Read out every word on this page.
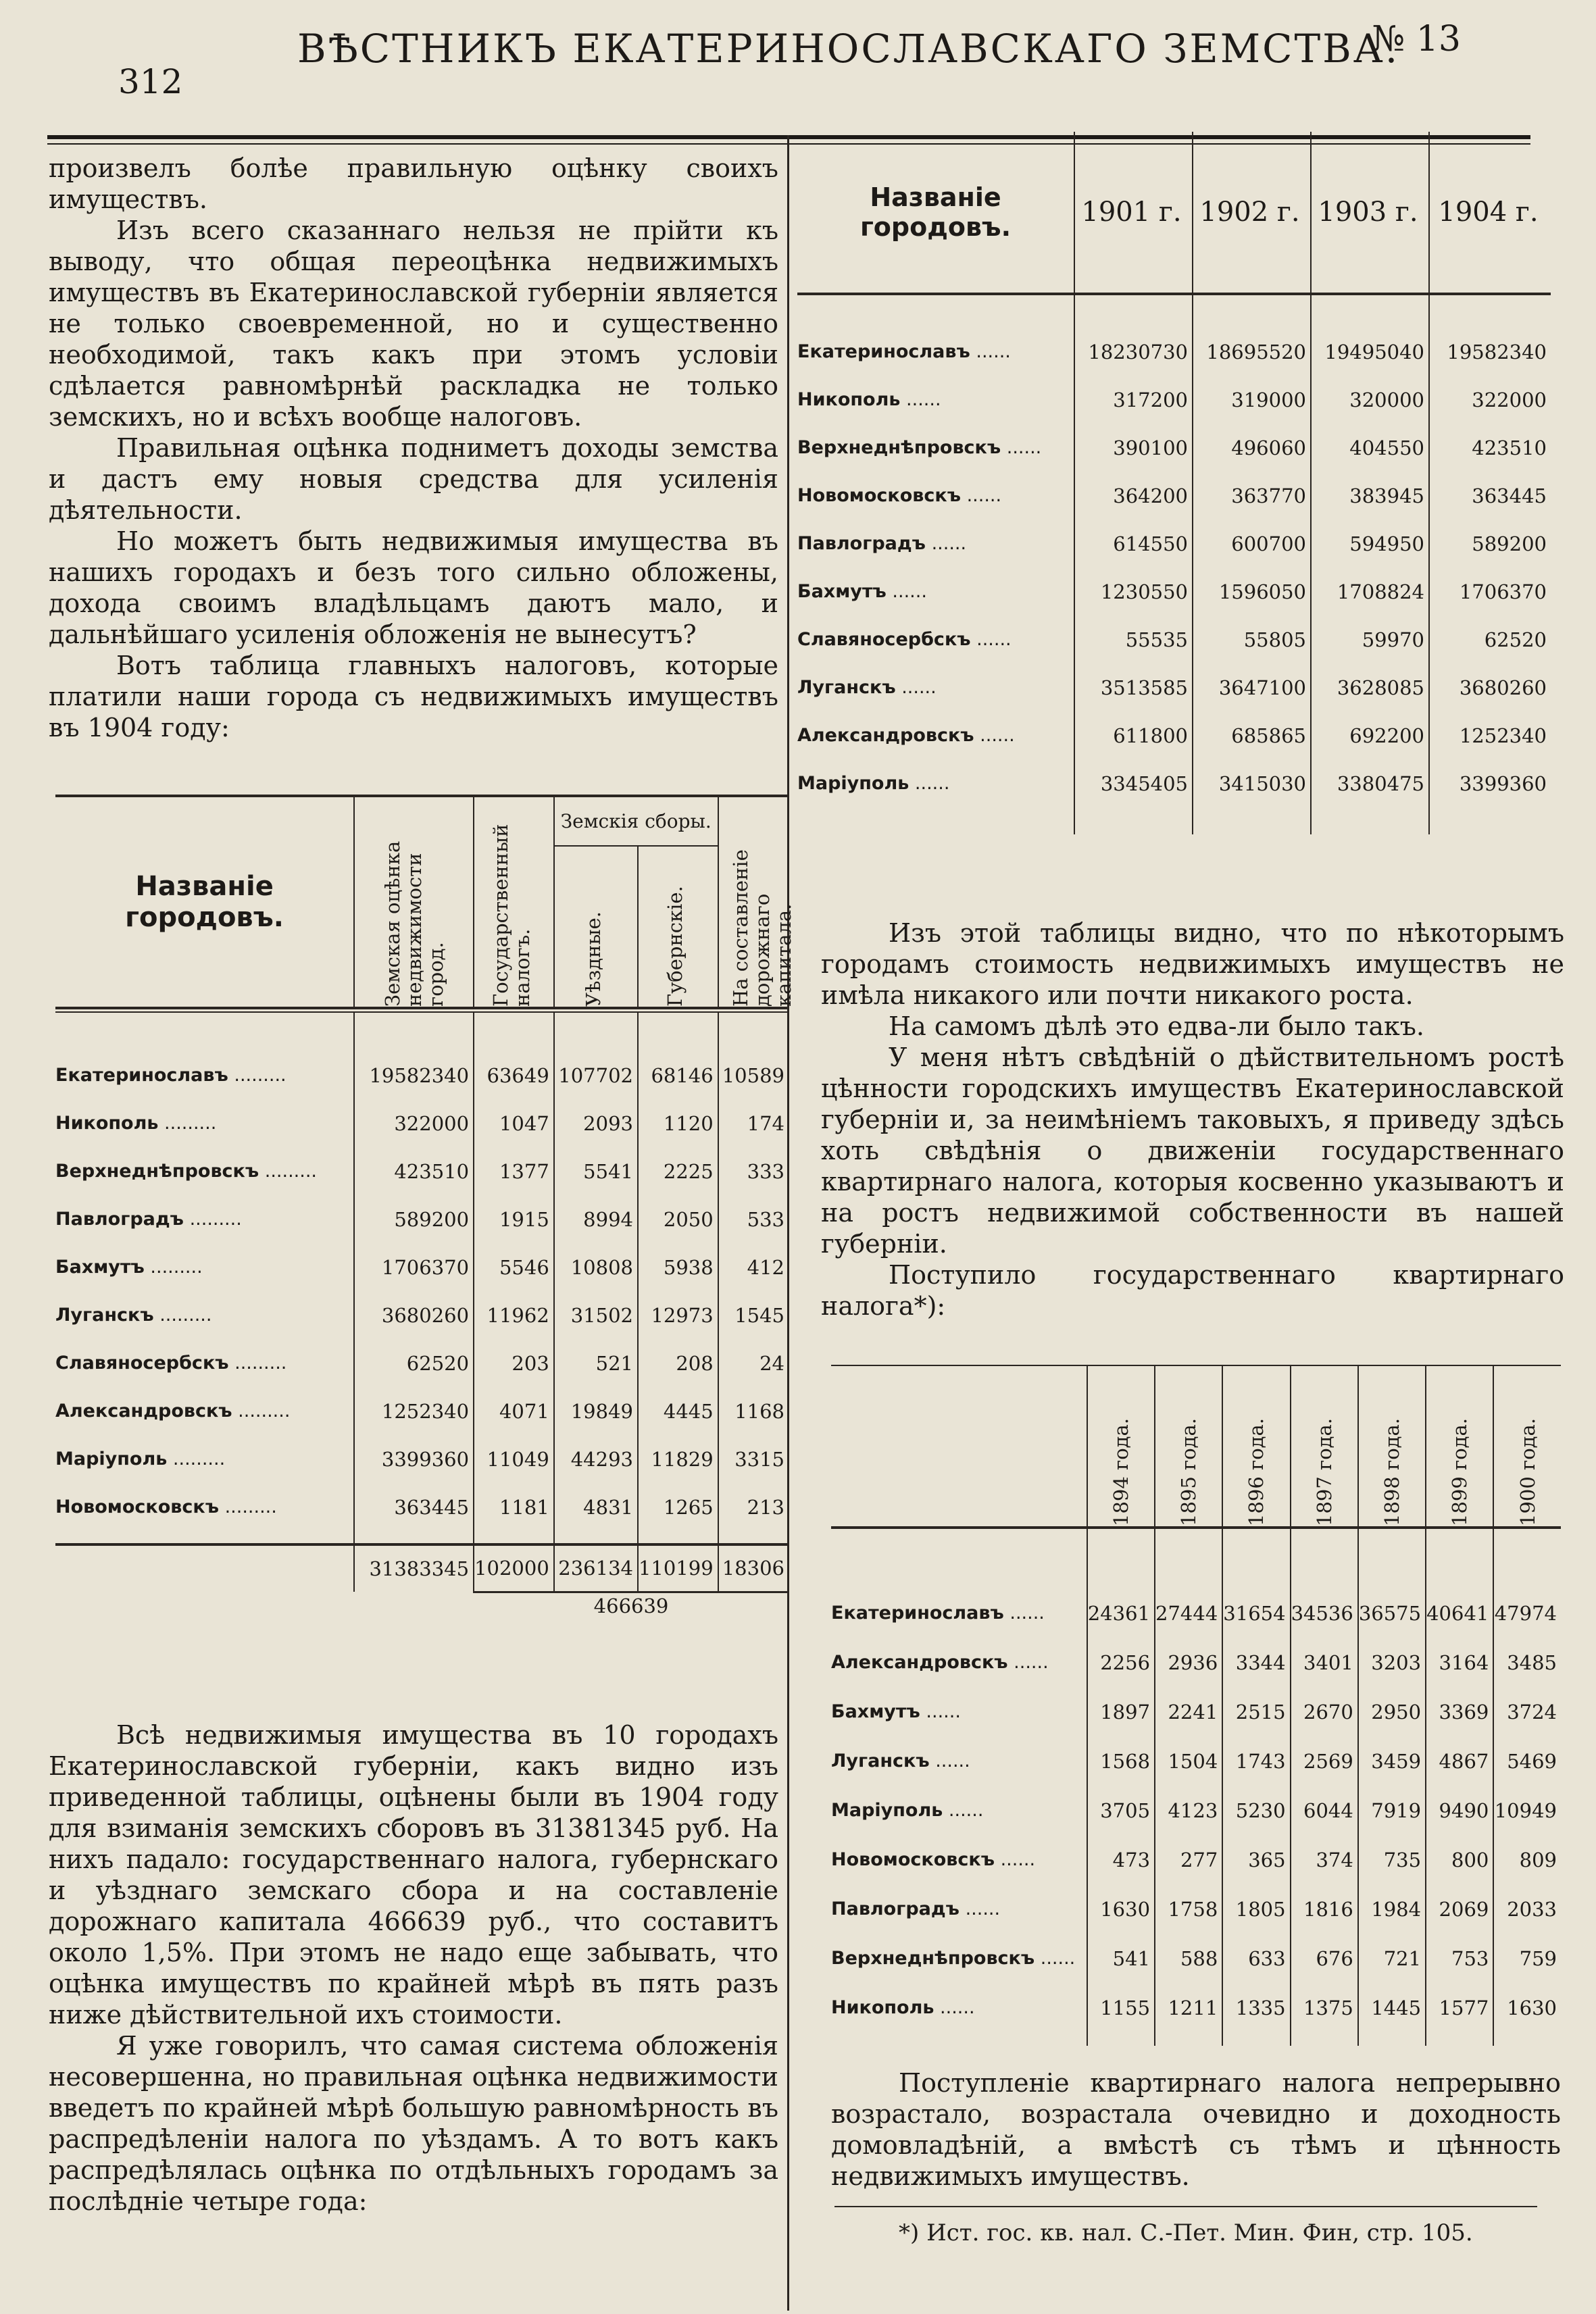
312
ВѢСТНИКЪ ЕКАТЕРИНОСЛАВСКАГО ЗЕМСТВА.
№ 13

произвелъ болѣе правильную оцѣнку своихъ имуществъ.

Изъ всего сказаннаго нельзя не прійти къ выводу, что общая переоцѣнка недвижимыхъ имуществъ въ Екатеринославской губерніи является не только своевременной, но и существенно необходимой, такъ какъ при этомъ условіи сдѣлается равномѣрнѣй раскладка не только земскихъ, но и всѣхъ вообще налоговъ.

Правильная оцѣнка подниметъ доходы земства и дастъ ему новыя средства для усиленія дѣятельности.

Но можетъ быть недвижимыя имущества въ нашихъ городахъ и безъ того сильно обложены, дохода своимъ владѣльцамъ даютъ мало, и дальнѣйшаго усиленія обложенія не вынесутъ?

Вотъ таблица главныхъ налоговъ, которые платили наши города съ недвижимыхъ имуществъ въ 1904 году:

Названіе городовъ.	Земская оцѣнка недвижимости город.	Государственный налогъ.	Земскія сборы.		На составленіе дорожнаго капитала.

			Уѣздные.	Губернскіе.	

Екатеринославъ .........	19582340	63649	107702	68146	10589
Никополь .........	322000	1047	2093	1120	174
Верхнеднѣпровскъ .........	423510	1377	5541	2225	333
Павлоградъ .........	589200	1915	8994	2050	533
Бахмутъ .........	1706370	5546	10808	5938	412
Луганскъ .........	3680260	11962	31502	12973	1545
Славяносербскъ .........	62520	203	521	208	24
Александровскъ .........	1252340	4071	19849	4445	1168
Маріуполь .........	3399360	11049	44293	11829	3315
Новомосковскъ .........	363445	1181	4831	1265	213

	31383345	102000	236134	110199	18306
		466639			

Всѣ недвижимыя имущества въ 10 городахъ Екатеринославской губерніи, какъ видно изъ приведенной таблицы, оцѣнены были въ 1904 году для взиманія земскихъ сборовъ въ 31381345 руб. На нихъ падало: государственнаго налога, губернскаго и уѣзднаго земскаго сбора и на составленіе дорожнаго капитала 466639 руб., что составитъ около 1,5%. При этомъ не надо еще забывать, что оцѣнка имуществъ по крайней мѣрѣ въ пять разъ ниже дѣйствительной ихъ стоимости.

Я уже говорилъ, что самая система обложенія несовершенна, но правильная оцѣнка недвижимости введетъ по крайней мѣрѣ большую равномѣрность въ распредѣленіи налога по уѣздамъ. А то вотъ какъ распредѣлялась оцѣнка по отдѣльныхъ городамъ за послѣдніе четыре года:

Названіе городовъ.	1901 г.	1902 г.	1903 г.	1904 г.

Екатеринославъ ......	18230730	18695520	19495040	19582340
Никополь ......	317200	319000	320000	322000
Верхнеднѣпровскъ ......	390100	496060	404550	423510
Новомосковскъ ......	364200	363770	383945	363445
Павлоградъ ......	614550	600700	594950	589200
Бахмутъ ......	1230550	1596050	1708824	1706370
Славяносербскъ ......	55535	55805	59970	62520
Луганскъ ......	3513585	3647100	3628085	3680260
Александровскъ ......	611800	685865	692200	1252340
Маріуполь ......	3345405	3415030	3380475	3399360

Изъ этой таблицы видно, что по нѣкоторымъ городамъ стоимость недвижимыхъ имуществъ не имѣла никакого или почти никакого роста.

На самомъ дѣлѣ это едва-ли было такъ.

У меня нѣтъ свѣдѣній о дѣйствительномъ ростѣ цѣнности городскихъ имуществъ Екатеринославской губерніи и, за неимѣніемъ таковыхъ, я приведу здѣсь хоть свѣдѣнія о движеніи государственнаго квартирнаго налога, которыя косвенно указываютъ и на ростъ недвижимой собственности въ нашей губерніи.

Поступило государственнаго квартирнаго налога*):

	1894 года.	1895 года.	1896 года.	1897 года.	1898 года.	1899 года.	1900 года.

Екатеринославъ ......	24361	27444	31654	34536	36575	40641	47974
Александровскъ ......	2256	2936	3344	3401	3203	3164	3485
Бахмутъ ......	1897	2241	2515	2670	2950	3369	3724
Луганскъ ......	1568	1504	1743	2569	3459	4867	5469
Маріуполь ......	3705	4123	5230	6044	7919	9490	10949
Новомосковскъ ......	473	277	365	374	735	800	809
Павлоградъ ......	1630	1758	1805	1816	1984	2069	2033
Верхнеднѣпровскъ ......	541	588	633	676	721	753	759
Никополь ......	1155	1211	1335	1375	1445	1577	1630

Поступленіе квартирнаго налога непрерывно возрастало, возрастала очевидно и доходность домовладѣній, а вмѣстѣ съ тѣмъ и цѣнность недвижимыхъ имуществъ.

*) Ист. гос. кв. нал. С.-Пет. Мин. Фин, стр. 105.
